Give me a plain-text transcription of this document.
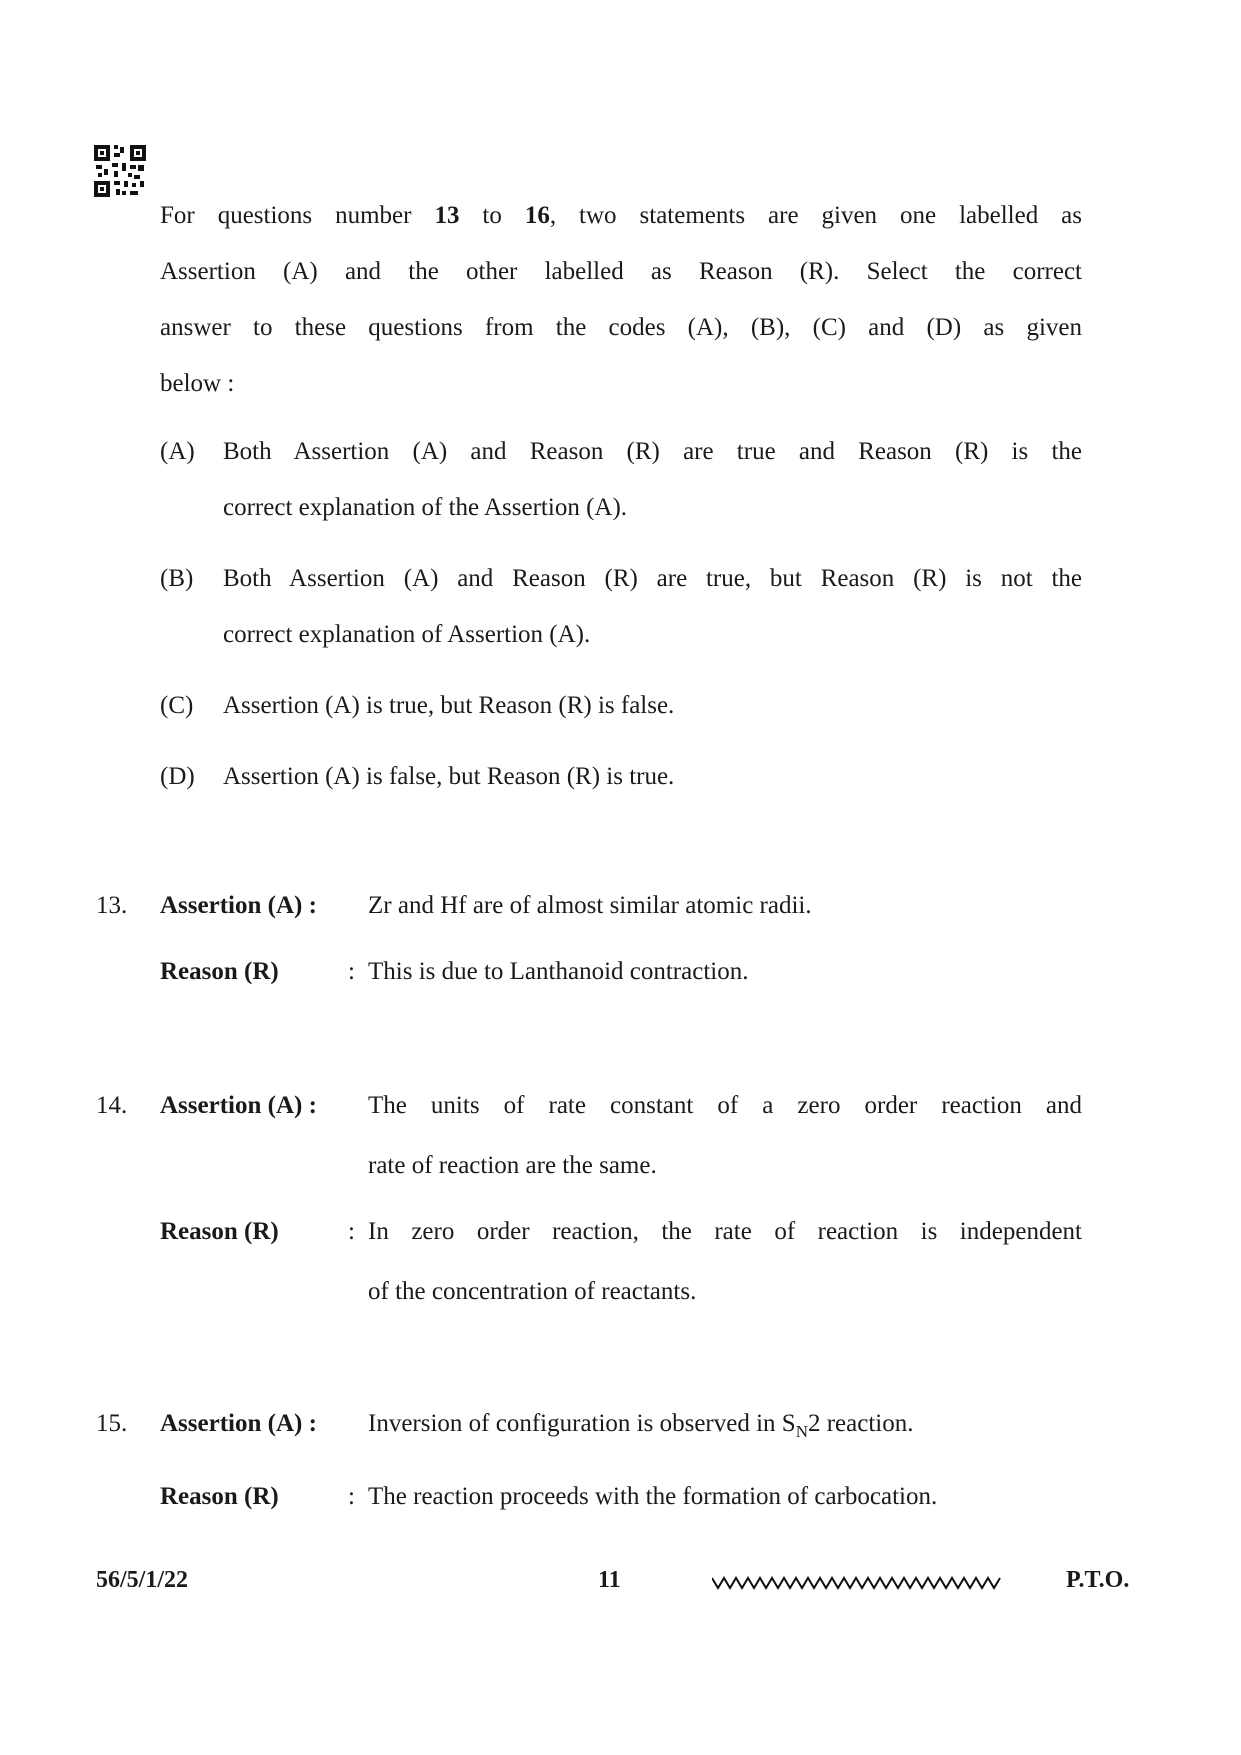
For questions number 13 to 16, two statements are given one labelled as
Assertion (A) and the other labelled as Reason (R). Select the correct
answer to these questions from the codes (A), (B), (C) and (D) as given
below :
(A) Both Assertion (A) and Reason (R) are true and Reason (R) is the
correct explanation of the Assertion (A).
(B) Both Assertion (A) and Reason (R) are true, but Reason (R) is not the
correct explanation of Assertion (A).
(C) Assertion (A) is true, but Reason (R) is false.
(D) Assertion (A) is false, but Reason (R) is true.
13. Assertion (A) : Zr and Hf are of almost similar atomic radii.
Reason (R)	: This is due to Lanthanoid contraction.
14. Assertion (A) : The units of rate constant of a zero order reaction and
rate of reaction are the same.
Reason (R)	: In zero order reaction, the rate of reaction is independent
of the concentration of reactants.
15. Assertion (A) : Inversion of configuration is observed in $S_N2$ reaction.
Reason (R)	: The reaction proceeds with the formation of carbocation.
56/5/1/22	11	P.T.O.
